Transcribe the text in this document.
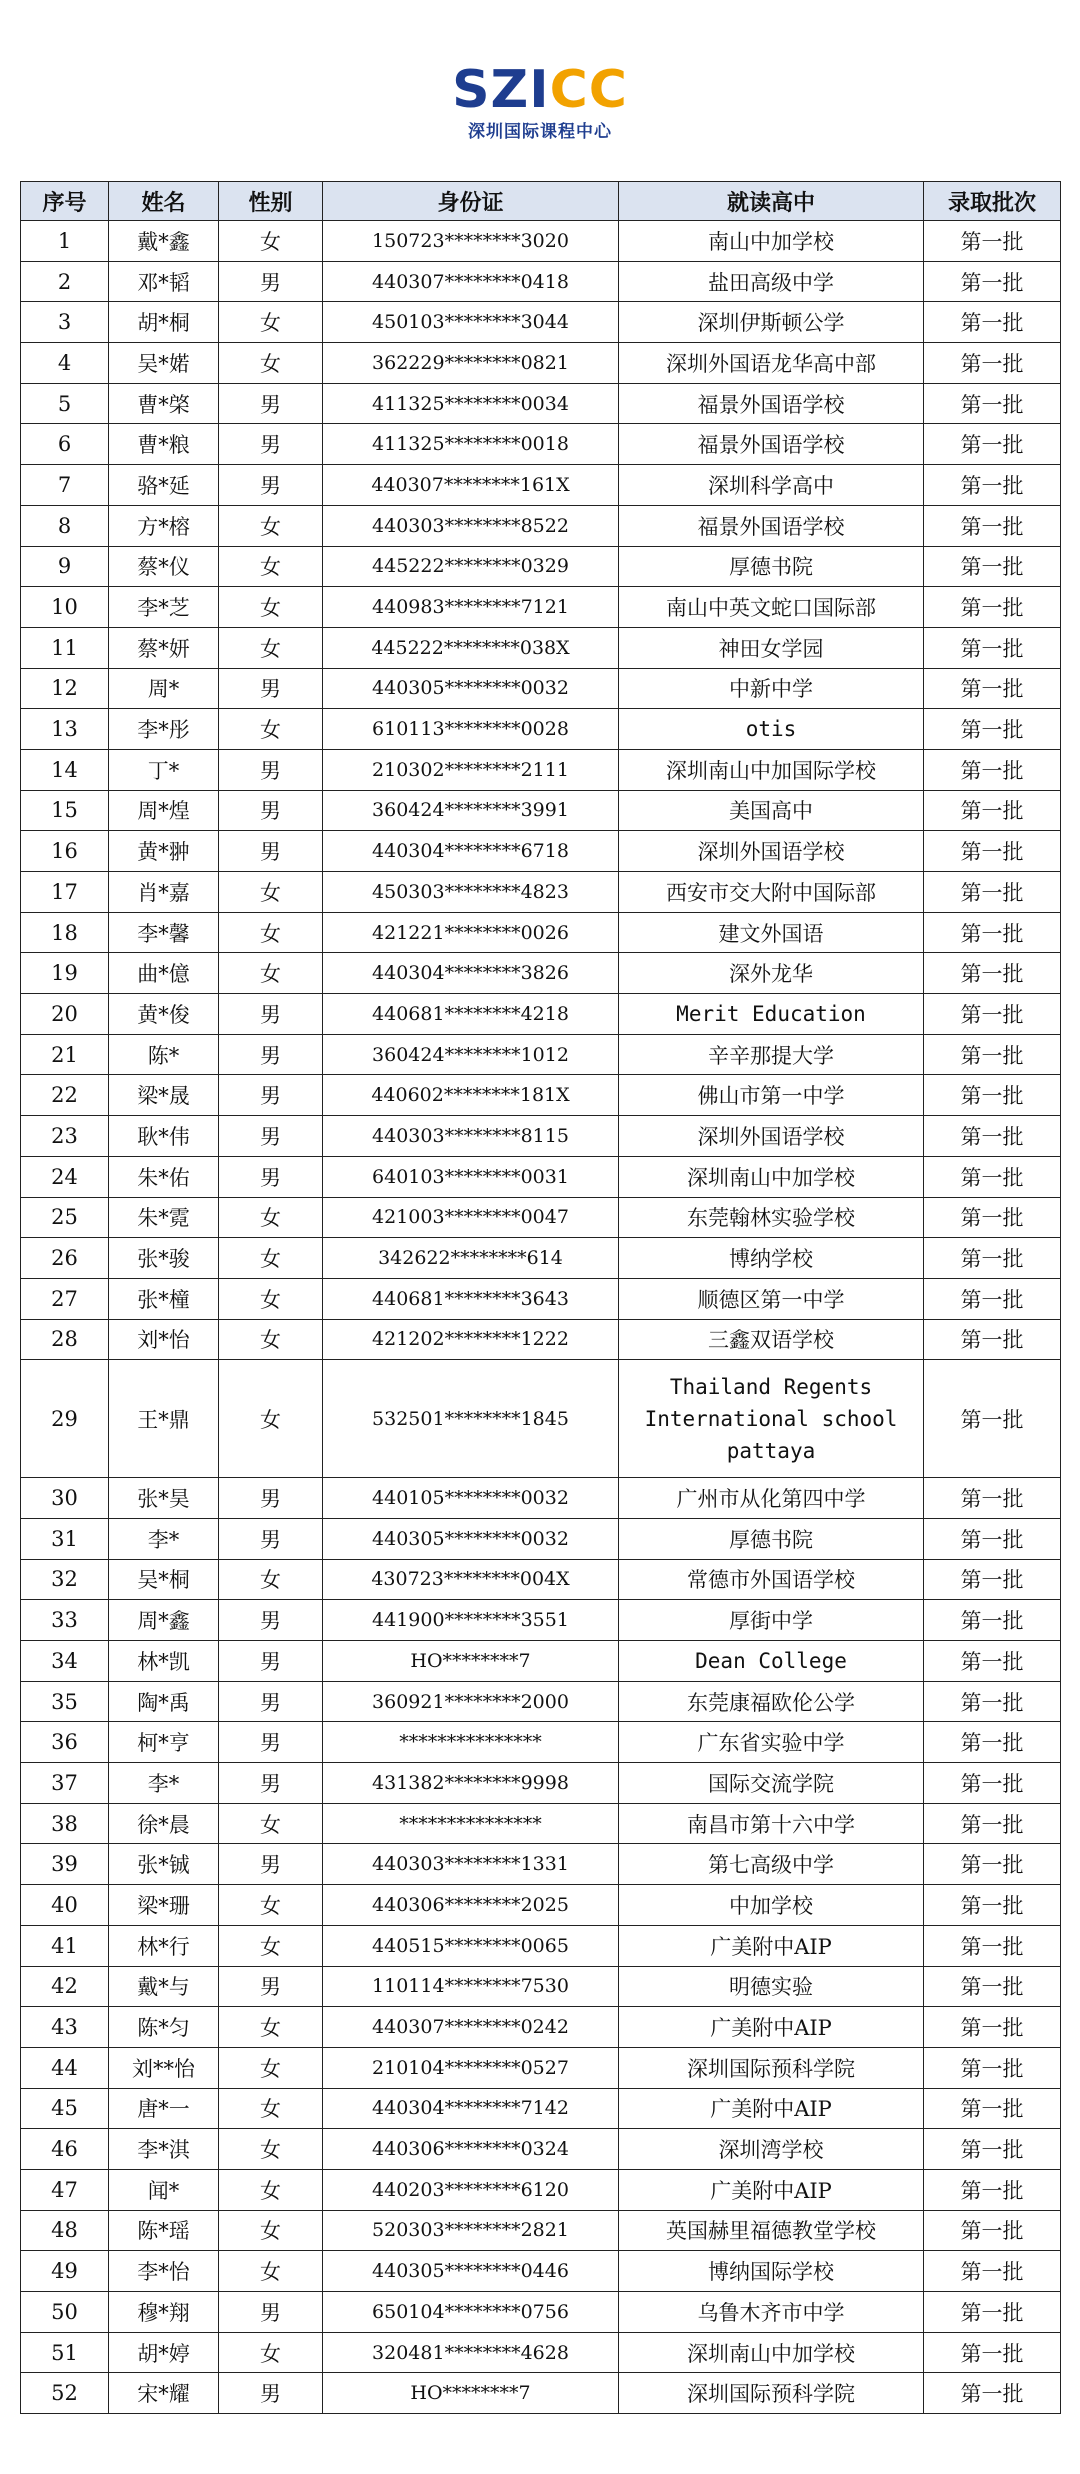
SZICC
深圳国际课程中心
序号	姓名	性别	身份证	就读高中	录取批次
1	戴*鑫	女	150723********3020	南山中加学校	第一批
2	邓*韬	男	440307********0418	盐田高级中学	第一批
3	胡*桐	女	450103********3044	深圳伊斯顿公学	第一批
4	吴*婼	女	362229********0821	深圳外国语龙华高中部	第一批
5	曹*棨	男	411325********0034	福景外国语学校	第一批
6	曹*粮	男	411325********0018	福景外国语学校	第一批
7	骆*延	男	440307********161X	深圳科学高中	第一批
8	方*榕	女	440303********8522	福景外国语学校	第一批
9	蔡*仪	女	445222********0329	厚德书院	第一批
10	李*芝	女	440983********7121	南山中英文蛇口国际部	第一批
11	蔡*妍	女	445222********038X	神田女学园	第一批
12	周*	男	440305********0032	中新中学	第一批
13	李*彤	女	610113********0028	otis	第一批
14	丁*	男	210302********2111	深圳南山中加国际学校	第一批
15	周*煌	男	360424********3991	美国高中	第一批
16	黄*翀	男	440304********6718	深圳外国语学校	第一批
17	肖*嘉	女	450303********4823	西安市交大附中国际部	第一批
18	李*馨	女	421221********0026	建文外国语	第一批
19	曲*億	女	440304********3826	深外龙华	第一批
20	黄*俊	男	440681********4218	Merit Education	第一批
21	陈*	男	360424********1012	辛辛那提大学	第一批
22	梁*晟	男	440602********181X	佛山市第一中学	第一批
23	耿*伟	男	440303********8115	深圳外国语学校	第一批
24	朱*佑	男	640103********0031	深圳南山中加学校	第一批
25	朱*霓	女	421003********0047	东莞翰林实验学校	第一批
26	张*骏	女	342622********614	博纳学校	第一批
27	张*橦	女	440681********3643	顺德区第一中学	第一批
28	刘*怡	女	421202********1222	三鑫双语学校	第一批
29	王*鼎	女	532501********1845	Thailand Regents International school pattaya	第一批
30	张*昊	男	440105********0032	广州市从化第四中学	第一批
31	李*	男	440305********0032	厚德书院	第一批
32	吴*桐	女	430723********004X	常德市外国语学校	第一批
33	周*鑫	男	441900********3551	厚街中学	第一批
34	林*凯	男	HO********7	Dean College	第一批
35	陶*禹	男	360921********2000	东莞康福欧伦公学	第一批
36	柯*亨	男	***************	广东省实验中学	第一批
37	李*	男	431382********9998	国际交流学院	第一批
38	徐*晨	女	***************	南昌市第十六中学	第一批
39	张*铖	男	440303********1331	第七高级中学	第一批
40	梁*珊	女	440306********2025	中加学校	第一批
41	林*行	女	440515********0065	广美附中AIP	第一批
42	戴*与	男	110114********7530	明德实验	第一批
43	陈*匀	女	440307********0242	广美附中AIP	第一批
44	刘**怡	女	210104********0527	深圳国际预科学院	第一批
45	唐*一	女	440304********7142	广美附中AIP	第一批
46	李*淇	女	440306********0324	深圳湾学校	第一批
47	闻*	女	440203********6120	广美附中AIP	第一批
48	陈*瑶	女	520303********2821	英国赫里福德教堂学校	第一批
49	李*怡	女	440305********0446	博纳国际学校	第一批
50	穆*翔	男	650104********0756	乌鲁木齐市中学	第一批
51	胡*婷	女	320481********4628	深圳南山中加学校	第一批
52	宋*耀	男	HO********7	深圳国际预科学院	第一批
